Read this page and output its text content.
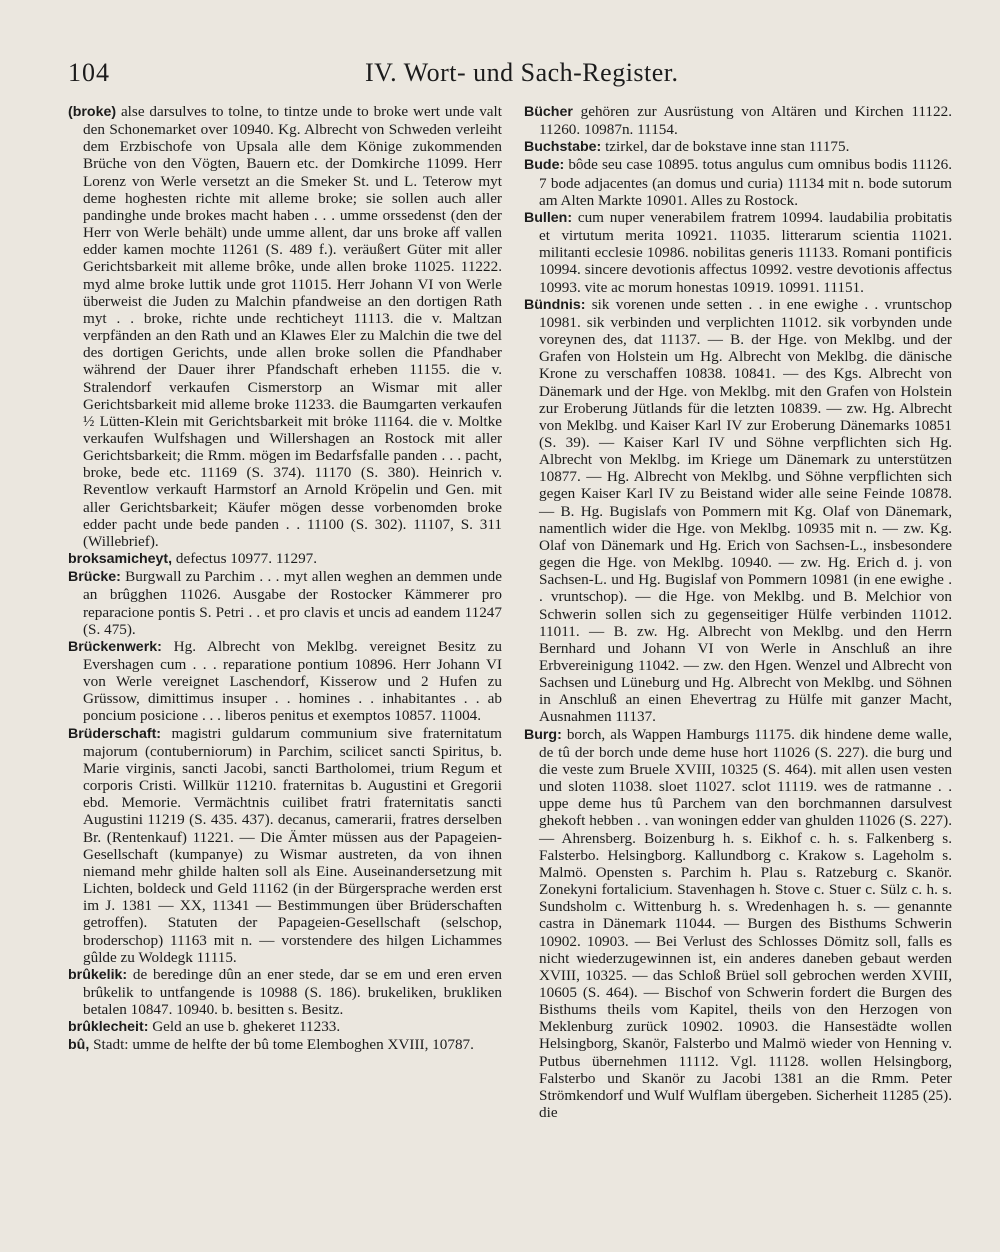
104	IV. Wort- und Sach-Register.

(broke) alse darsulves to tolne, to tintze unde to broke wert unde valt den Schonemarket over 10940. Kg. Albrecht von Schweden verleiht dem Erzbischofe von Upsala alle dem Könige zukommenden Brüche von den Vögten, Bauern etc. der Domkirche 11099. Herr Lorenz von Werle versetzt an die Smeker St. und L. Teterow myt deme hoghesten richte mit alleme broke; sie sollen auch aller pandinghe unde brokes macht haben . . . umme orssedenst (den der Herr von Werle behält) unde umme allent, dar uns broke aff vallen edder kamen mochte 11261 (S. 489 f.). veräußert Güter mit aller Gerichtsbarkeit mit alleme brôke, unde allen broke 11025. 11222. myd alme broke luttik unde grot 11015. Herr Johann VI von Werle überweist die Juden zu Malchin pfandweise an den dortigen Rath myt . . broke, richte unde rechticheyt 11113. die v. Maltzan verpfänden an den Rath und an Klawes Eler zu Malchin die twe del des dortigen Gerichts, unde allen broke sollen die Pfandhaber während der Dauer ihrer Pfandschaft erheben 11155. die v. Stralendorf verkaufen Cismerstorp an Wismar mit aller Gerichtsbarkeit mid alleme broke 11233. die Baumgarten verkaufen ½ Lütten-Klein mit Gerichtsbarkeit mit brȯke 11164. die v. Moltke verkaufen Wulfshagen und Willershagen an Rostock mit aller Gerichtsbarkeit; die Rmm. mögen im Bedarfsfalle panden . . . pacht, broke, bede etc. 11169 (S. 374). 11170 (S. 380). Heinrich v. Reventlow verkauft Harmstorf an Arnold Kröpelin und Gen. mit aller Gerichtsbarkeit; Käufer mögen desse vorbenomden broke edder pacht unde bede panden . . 11100 (S. 302). 11107, S. 311 (Willebrief).

broksamicheyt, defectus 10977. 11297.

Brücke: Burgwall zu Parchim . . . myt allen weghen an demmen unde an brûgghen 11026. Ausgabe der Rostocker Kämmerer pro reparacione pontis S. Petri . . et pro clavis et uncis ad eandem 11247 (S. 475).

Brückenwerk: Hg. Albrecht von Meklbg. vereignet Besitz zu Evershagen cum . . . reparatione pontium 10896. Herr Johann VI von Werle vereignet Laschendorf, Kisserow und 2 Hufen zu Grüssow, dimittimus insuper . . homines . . inhabitantes . . ab poncium posicione . . . liberos penitus et exemptos 10857. 11004.

Brüderschaft: magistri guldarum communium sive fraternitatum majorum (contuberniorum) in Parchim, scilicet sancti Spiritus, b. Marie virginis, sancti Jacobi, sancti Bartholomei, trium Regum et corporis Cristi. Willkür 11210. fraternitas b. Augustini et Gregorii ebd. Memorie. Vermächtnis cuilibet fratri fraternitatis sancti Augustini 11219 (S. 435. 437). decanus, camerarii, fratres derselben Br. (Rentenkauf) 11221. — Die Ämter müssen aus der Papageien-Gesellschaft (kumpanye) zu Wismar austreten, da von ihnen niemand mehr ghilde halten soll als Eine. Auseinandersetzung mit Lichten, boldeck und Geld 11162 (in der Bürgersprache werden erst im J. 1381 — XX, 11341 — Bestimmungen über Brüderschaften getroffen). Statuten der Papageien-Gesellschaft (selschop, broderschop) 11163 mit n. — vorstendere des hilgen Lichammes gûlde zu Woldegk 11115.

brûkelik: de beredinge dûn an ener stede, dar se em und eren erven brûkelik to untfangende is 10988 (S. 186). brukeliken, brukliken betalen 10847. 10940. b. besitten s. Besitz.

brûklecheit: Geld an use b. ghekeret 11233.

bû, Stadt: umme de helfte der bû tome Elemboghen XVIII, 10787.

Bücher gehören zur Ausrüstung von Altären und Kirchen 11122. 11260. 10987n. 11154.

Buchstabe: tzirkel, dar de bokstave inne stan 11175.

Bude: bôde seu case 10895. totus angulus cum omnibus bodis 11126. 7 bode adjacentes (an domus und curia) 11134 mit n. bode sutorum am Alten Markte 10901. Alles zu Rostock.

Bullen: cum nuper venerabilem fratrem 10994. laudabilia probitatis et virtutum merita 10921. 11035. litterarum scientia 11021. militanti ecclesie 10986. nobilitas generis 11133. Romani pontificis 10994. sincere devotionis affectus 10992. vestre devotionis affectus 10993. vite ac morum honestas 10919. 10991. 11151.

Bündnis: sik vorenen unde setten . . in ene ewighe . . vruntschop 10981. sik verbinden und verplichten 11012. sik vorbynden unde voreynen des, dat 11137. — B. der Hge. von Meklbg. und der Grafen von Holstein um Hg. Albrecht von Meklbg. die dänische Krone zu verschaffen 10838. 10841. — des Kgs. Albrecht von Dänemark und der Hge. von Meklbg. mit den Grafen von Holstein zur Eroberung Jütlands für die letzten 10839. — zw. Hg. Albrecht von Meklbg. und Kaiser Karl IV zur Eroberung Dänemarks 10851 (S. 39). — Kaiser Karl IV und Söhne verpflichten sich Hg. Albrecht von Meklbg. im Kriege um Dänemark zu unterstützen 10877. — Hg. Albrecht von Meklbg. und Söhne verpflichten sich gegen Kaiser Karl IV zu Beistand wider alle seine Feinde 10878. — B. Hg. Bugislafs von Pommern mit Kg. Olaf von Dänemark, namentlich wider die Hge. von Meklbg. 10935 mit n. — zw. Kg. Olaf von Dänemark und Hg. Erich von Sachsen-L., insbesondere gegen die Hge. von Meklbg. 10940. — zw. Hg. Erich d. j. von Sachsen-L. und Hg. Bugislaf von Pommern 10981 (in ene ewighe . . vruntschop). — die Hge. von Meklbg. und B. Melchior von Schwerin sollen sich zu gegenseitiger Hülfe verbinden 11012. 11011. — B. zw. Hg. Albrecht von Meklbg. und den Herrn Bernhard und Johann VI von Werle in Anschluß an ihre Erbvereinigung 11042. — zw. den Hgen. Wenzel und Albrecht von Sachsen und Lüneburg und Hg. Albrecht von Meklbg. und Söhnen in Anschluß an einen Ehevertrag zu Hülfe mit ganzer Macht, Ausnahmen 11137.

Burg: borch, als Wappen Hamburgs 11175. dik hindene deme walle, de tû der borch unde deme huse hort 11026 (S. 227). die burg und die veste zum Bruele XVIII, 10325 (S. 464). mit allen usen vesten und sloten 11038. sloet 11027. sclot 11119. wes de ratmanne . . uppe deme hus tû Parchem van den borchmannen darsulvest ghekoft hebben . . van woningen edder van ghulden 11026 (S. 227). — Ahrensberg. Boizenburg h. s. Eikhof c. h. s. Falkenberg s. Falsterbo. Helsingborg. Kallundborg c. Krakow s. Lageholm s. Malmö. Opensten s. Parchim h. Plau s. Ratzeburg c. Skanör. Zonekyni fortalicium. Stavenhagen h. Stove c. Stuer c. Sülz c. h. s. Sundsholm c. Wittenburg h. s. Wredenhagen h. s. — genannte castra in Dänemark 11044. — Burgen des Bisthums Schwerin 10902. 10903. — Bei Verlust des Schlosses Dömitz soll, falls es nicht wiederzugewinnen ist, ein anderes daneben gebaut werden XVIII, 10325. — das Schloß Brüel soll gebrochen werden XVIII, 10605 (S. 464). — Bischof von Schwerin fordert die Burgen des Bisthums theils vom Kapitel, theils von den Herzogen von Meklenburg zurück 10902. 10903. die Hansestädte wollen Helsingborg, Skanör, Falsterbo und Malmö wieder von Henning v. Putbus übernehmen 11112. Vgl. 11128. wollen Helsingborg, Falsterbo und Skanör zu Jacobi 1381 an die Rmm. Peter Strömkendorf und Wulf Wulflam übergeben. Sicherheit 11285 (25). die
